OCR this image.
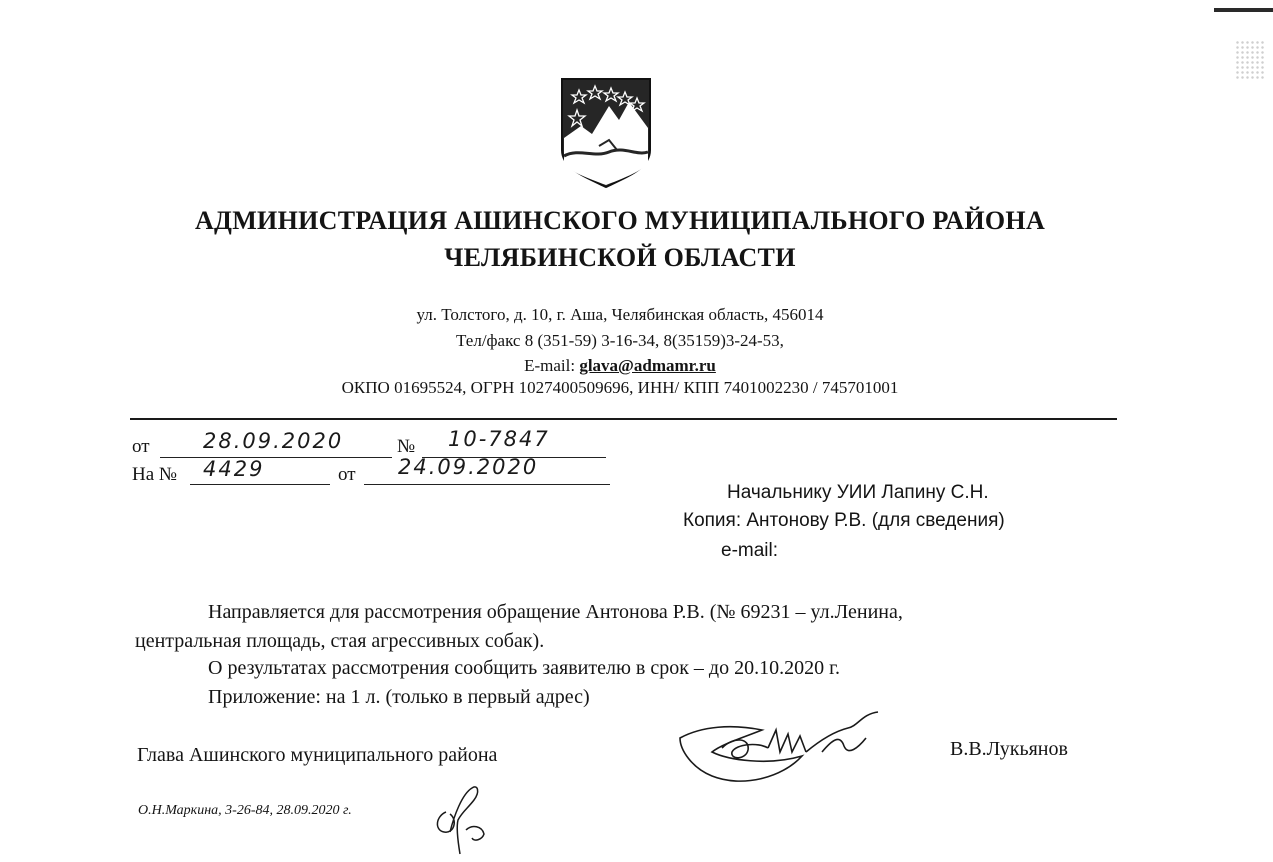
АДМИНИСТРАЦИЯ АШИНСКОГО МУНИЦИПАЛЬНОГО РАЙОНА
ЧЕЛЯБИНСКОЙ ОБЛАСТИ
ул. Толстого, д. 10, г. Аша, Челябинская область, 456014
Тел/факс 8 (351-59) 3-16-34, 8(35159)3-24-53,
E-mail: glava@admamr.ru
ОКПО 01695524, ОГРН 1027400509696, ИНН/ КПП 7401002230 / 745701001
от	28.09.2020	№ 10-7847
На № 4429	от 24.09.2020
Начальнику УИИ Лапину С.Н.
Копия: Антонову Р.В. (для сведения)
e-mail:
Направляется для рассмотрения обращение Антонова Р.В. (№ 69231 – ул.Ленина,
центральная площадь, стая агрессивных собак).
О результатах рассмотрения сообщить заявителю в срок – до 20.10.2020 г.
Приложение: на 1 л. (только в первый адрес)
Глава Ашинского муниципального района	В.В.Лукьянов
О.Н.Маркина, 3-26-84, 28.09.2020 г.
